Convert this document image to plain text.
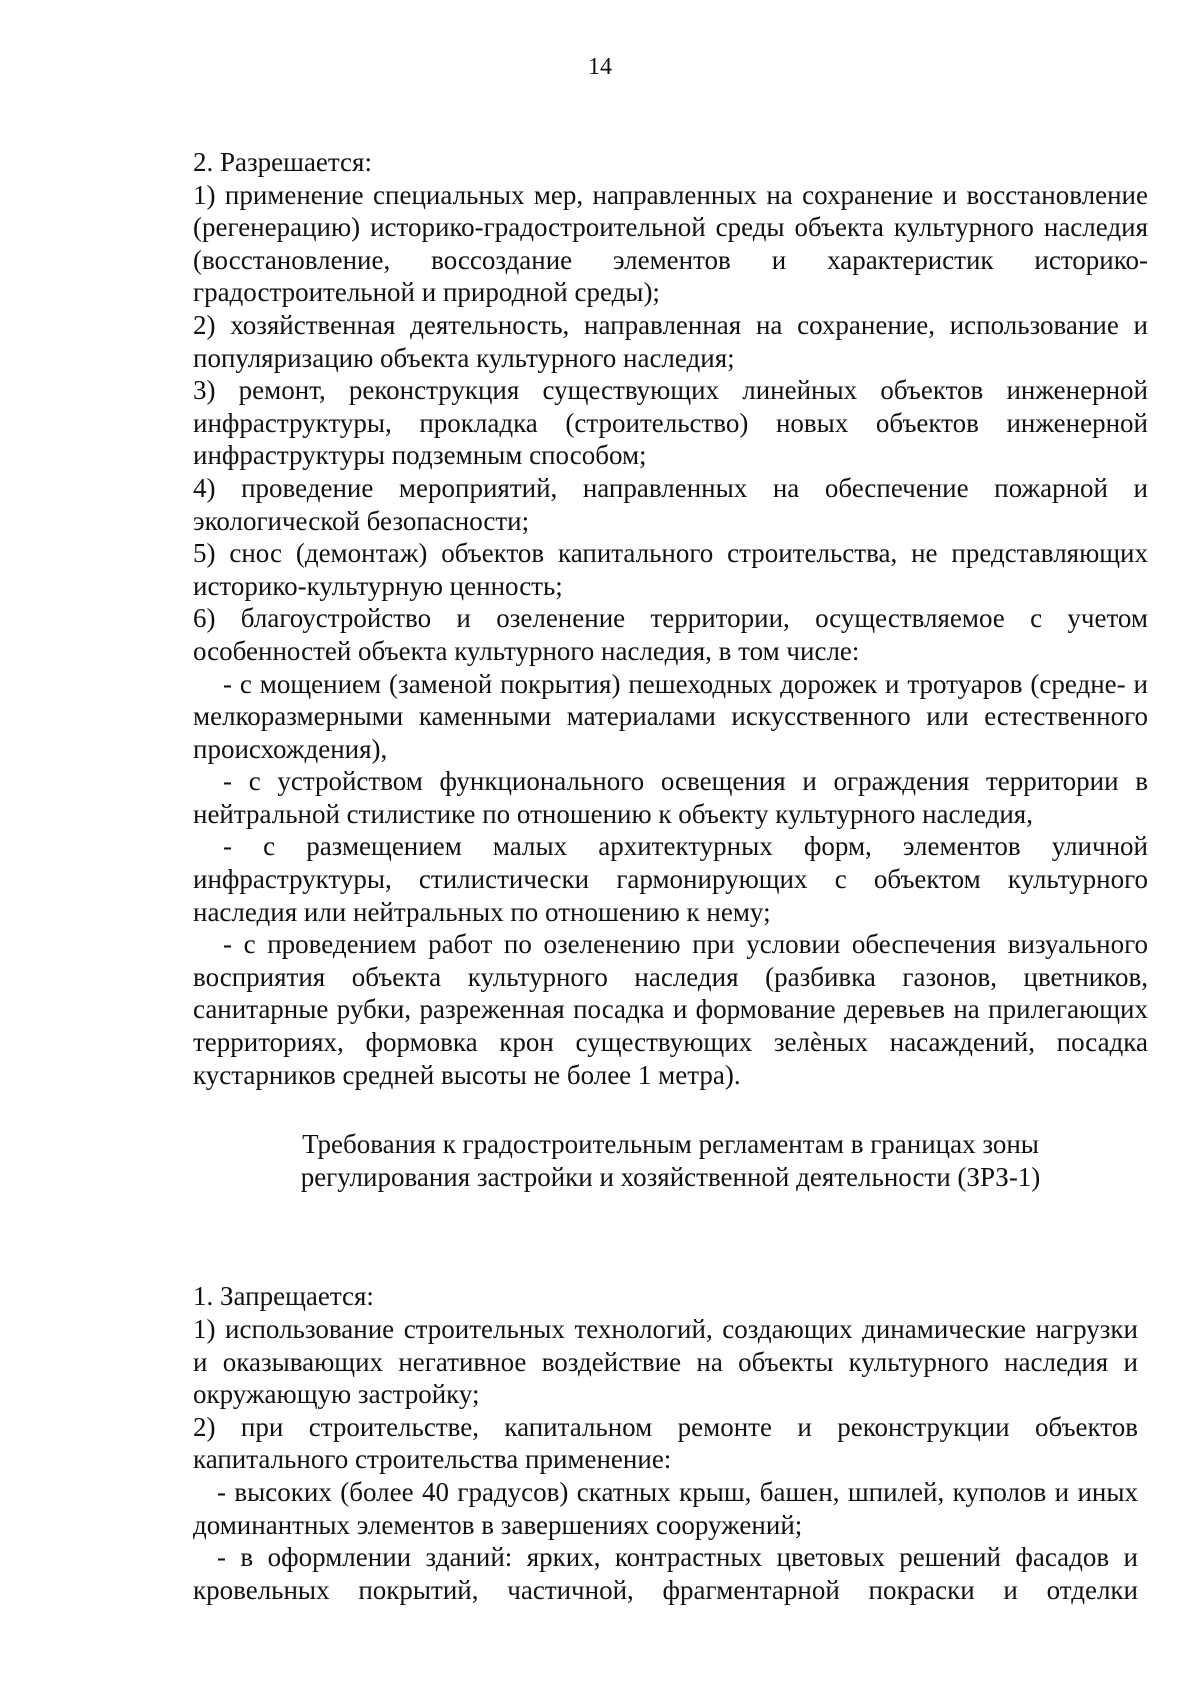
14

2. Разрешается:

1) применение специальных мер, направленных на сохранение и восстановление (регенерацию) историко-градостроительной среды объекта культурного наследия (восстановление, воссоздание элементов и характеристик историко-градостроительной и природной среды);

2) хозяйственная деятельность, направленная на сохранение, использование и популяризацию объекта культурного наследия;

3) ремонт, реконструкция существующих линейных объектов инженерной инфраструктуры, прокладка (строительство) новых объектов инженерной инфраструктуры подземным способом;

4) проведение мероприятий, направленных на обеспечение пожарной и экологической безопасности;

5) снос (демонтаж) объектов капитального строительства, не представляющих историко-культурную ценность;

6) благоустройство и озеленение территории, осуществляемое с учетом особенностей объекта культурного наследия, в том числе:

- с мощением (заменой покрытия) пешеходных дорожек и тротуаров (средне- и мелкоразмерными каменными материалами искусственного или естественного происхождения),

- с устройством функционального освещения и ограждения территории в нейтральной стилистике по отношению к объекту культурного наследия,

- с размещением малых архитектурных форм, элементов уличной инфраструктуры, стилистически гармонирующих с объектом культурного наследия или нейтральных по отношению к нему;

- с проведением работ по озеленению при условии обеспечения визуального восприятия объекта культурного наследия (разбивка газонов, цветников, санитарные рубки, разреженная посадка и формование деревьев на прилегающих территориях, формовка крон существующих зелѐных насаждений, посадка кустарников средней высоты не более 1 метра).

Требования к градостроительным регламентам в границах зоны
регулирования застройки и хозяйственной деятельности (ЗРЗ-1)

1. Запрещается:

1) использование строительных технологий, создающих динамические нагрузки и оказывающих негативное воздействие на объекты культурного наследия и окружающую застройку;

2) при строительстве, капитальном ремонте и реконструкции объектов капитального строительства применение:

- высоких (более 40 градусов) скатных крыш, башен, шпилей, куполов и иных доминантных элементов в завершениях сооружений;

- в оформлении зданий: ярких, контрастных цветовых решений фасадов и кровельных покрытий, частичной, фрагментарной покраски и отделки
